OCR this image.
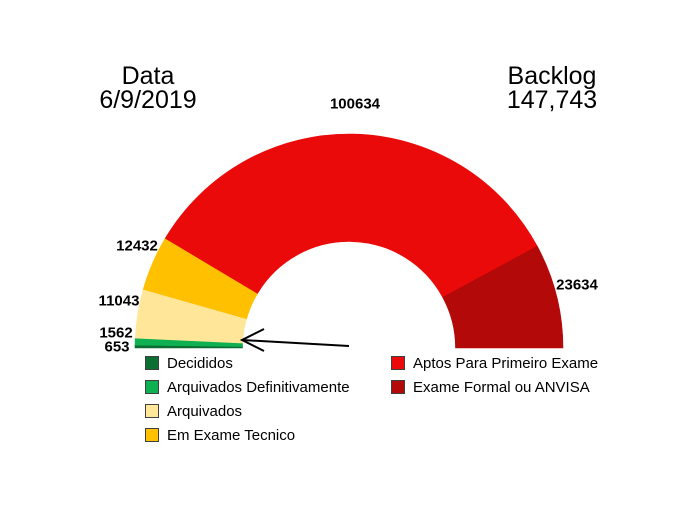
Data
6/9/2019
Backlog
147,743
653
1562
11043
12432
100634
23634
Decididos
Arquivados Definitivamente
Arquivados
Em Exame Tecnico
Aptos Para Primeiro Exame
Exame Formal ou ANVISA
